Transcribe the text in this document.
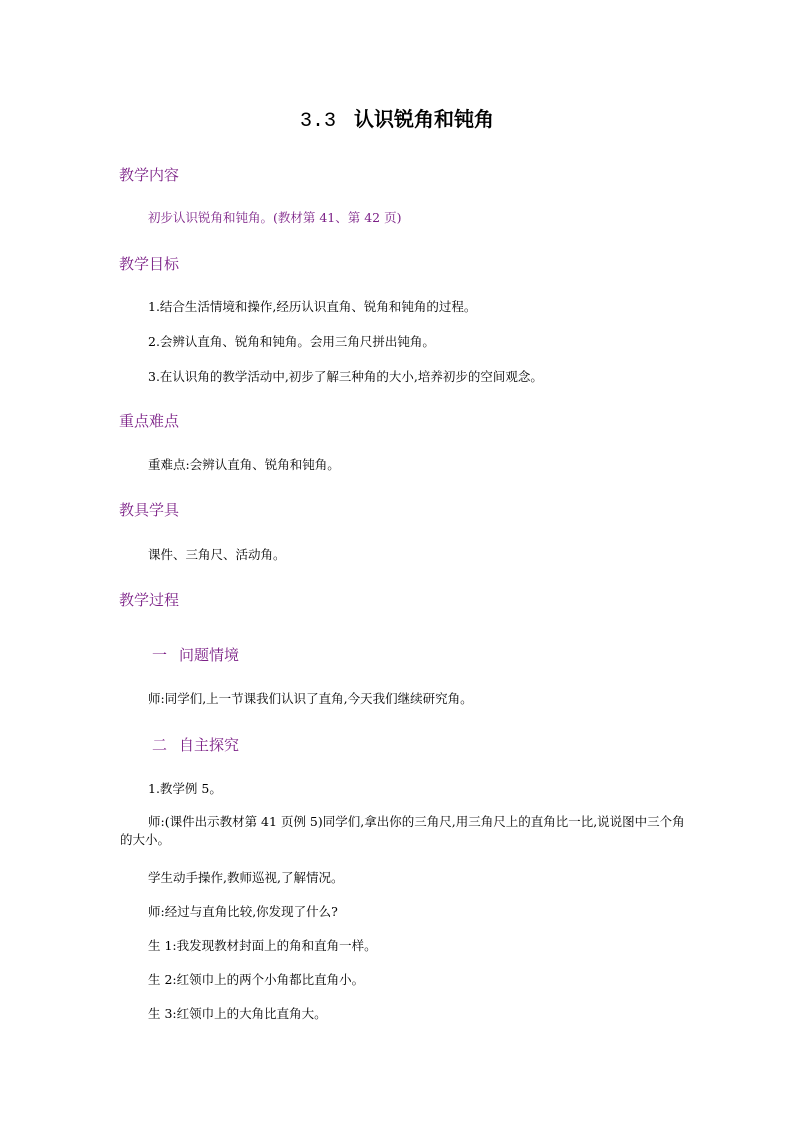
3.3 认识锐角和钝角
教学内容
初步认识锐角和钝角。(教材第 41、第 42 页)
教学目标
1.结合生活情境和操作,经历认识直角、锐角和钝角的过程。
2.会辨认直角、锐角和钝角。会用三角尺拼出钝角。
3.在认识角的教学活动中,初步了解三种角的大小,培养初步的空间观念。
重点难点
重难点:会辨认直角、锐角和钝角。
教具学具
课件、三角尺、活动角。
教学过程
一 问题情境
师:同学们,上一节课我们认识了直角,今天我们继续研究角。
二 自主探究
1.教学例 5。
师:(课件出示教材第 41 页例 5)同学们,拿出你的三角尺,用三角尺上的直角比一比,说说图中三个角的大小。
学生动手操作,教师巡视,了解情况。
师:经过与直角比较,你发现了什么?
生 1:我发现教材封面上的角和直角一样。
生 2:红领巾上的两个小角都比直角小。
生 3:红领巾上的大角比直角大。
